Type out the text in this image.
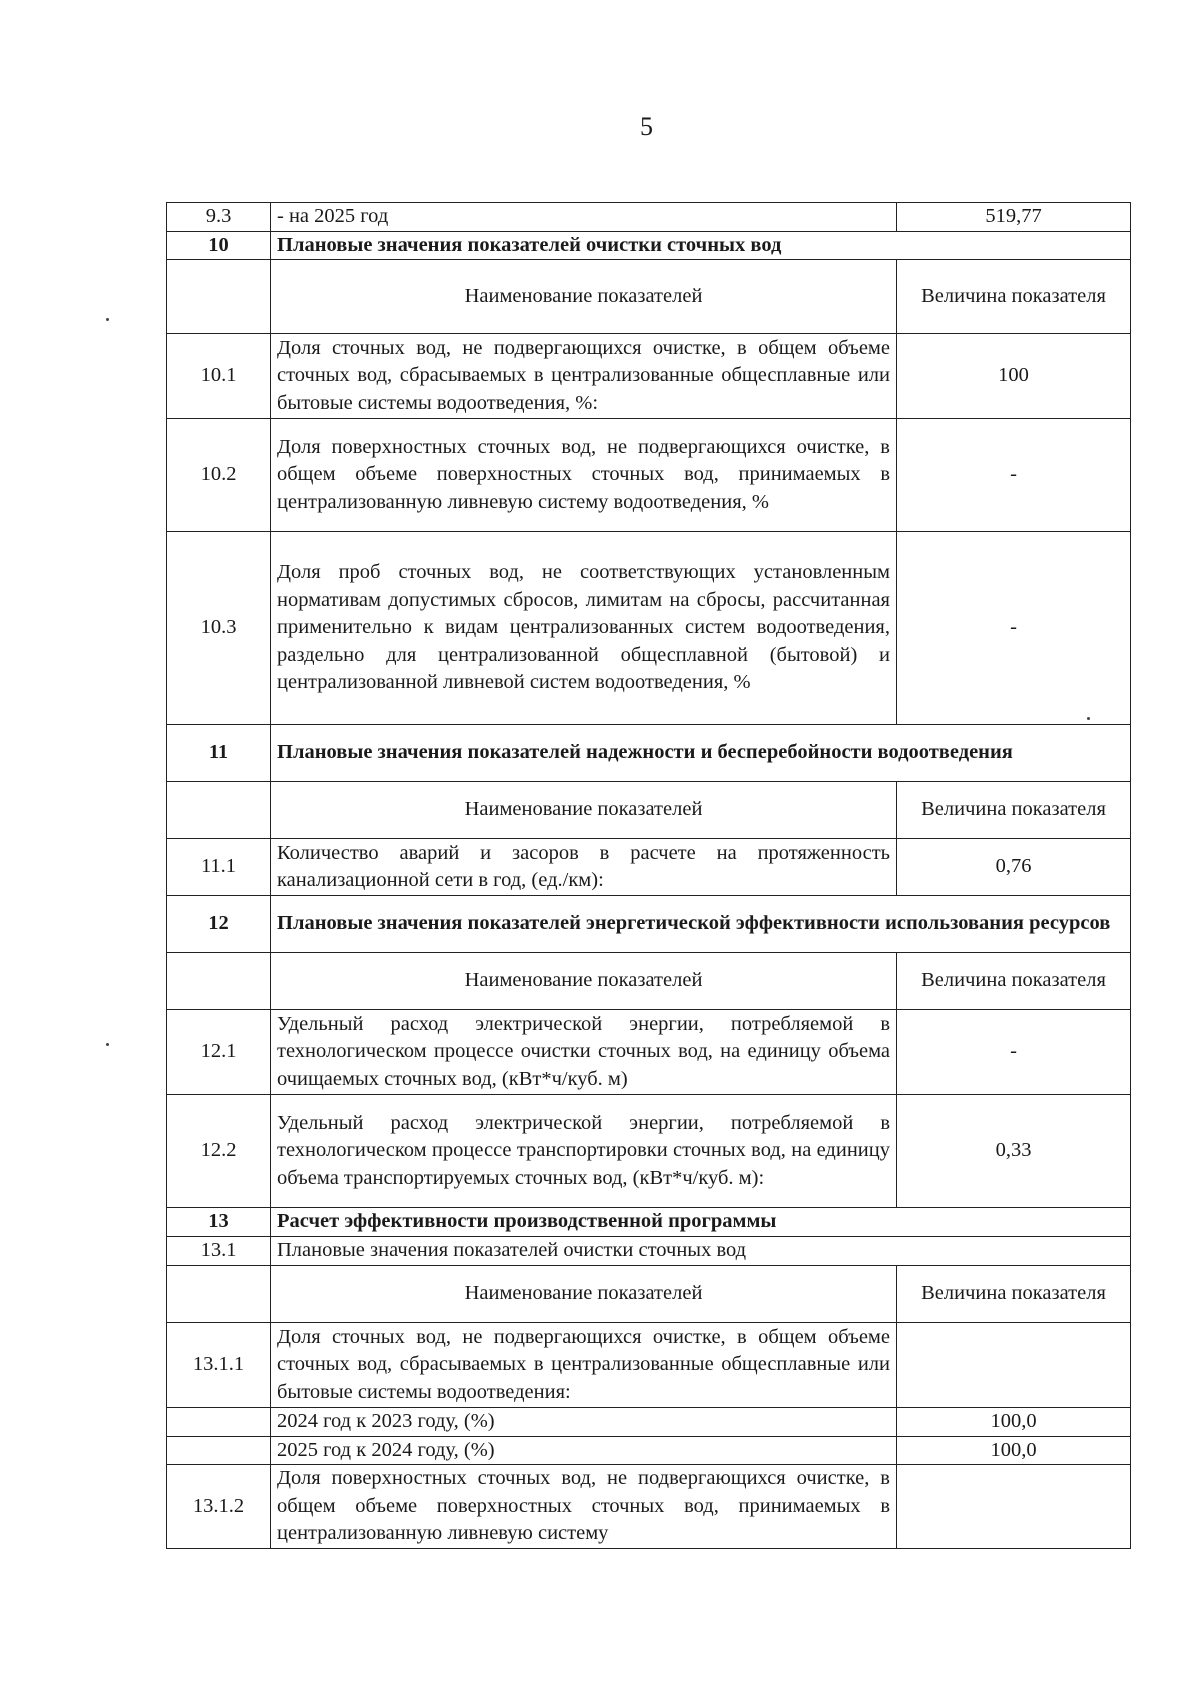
5
9.3	- на 2025 год	519,77
10	Плановые значения показателей очистки сточных вод	
	Наименование показателей	Величина показателя
10.1	Доля сточных вод, не подвергающихся очистке, в общем объеме сточных вод, сбрасываемых в централизованные общесплавные или бытовые системы водоотведения, %:	100
10.2	Доля поверхностных сточных вод, не подвергающихся очистке, в общем объеме поверхностных сточных вод, принимаемых в централизованную ливневую систему водоотведения, %	-
10.3	Доля проб сточных вод, не соответствующих установленным нормативам допустимых сбросов, лимитам на сбросы, рассчитанная применительно к видам централизованных систем водоотведения, раздельно для централизованной общесплавной (бытовой) и централизованной ливневой систем водоотведения, %	-
11	Плановые значения показателей надежности и бесперебойности водоотведения	
	Наименование показателей	Величина показателя
11.1	Количество аварий и засоров в расчете на протяженность канализационной сети в год, (ед./км):	0,76
12	Плановые значения показателей энергетической эффективности использования ресурсов	
	Наименование показателей	Величина показателя
12.1	Удельный расход электрической энергии, потребляемой в технологическом процессе очистки сточных вод, на единицу объема очищаемых сточных вод, (кВт*ч/куб. м)	-
12.2	Удельный расход электрической энергии, потребляемой в технологическом процессе транспортировки сточных вод, на единицу объема транспортируемых сточных вод, (кВт*ч/куб. м):	0,33
13	Расчет эффективности производственной программы	
13.1	Плановые значения показателей очистки сточных вод	
	Наименование показателей	Величина показателя
13.1.1	Доля сточных вод, не подвергающихся очистке, в общем объеме сточных вод, сбрасываемых в централизованные общесплавные или бытовые системы водоотведения:	
	2024 год к 2023 году, (%)	100,0
	2025 год к 2024 году, (%)	100,0
13.1.2	Доля поверхностных сточных вод, не подвергающихся очистке, в общем объеме поверхностных сточных вод, принимаемых в централизованную ливневую систему	
